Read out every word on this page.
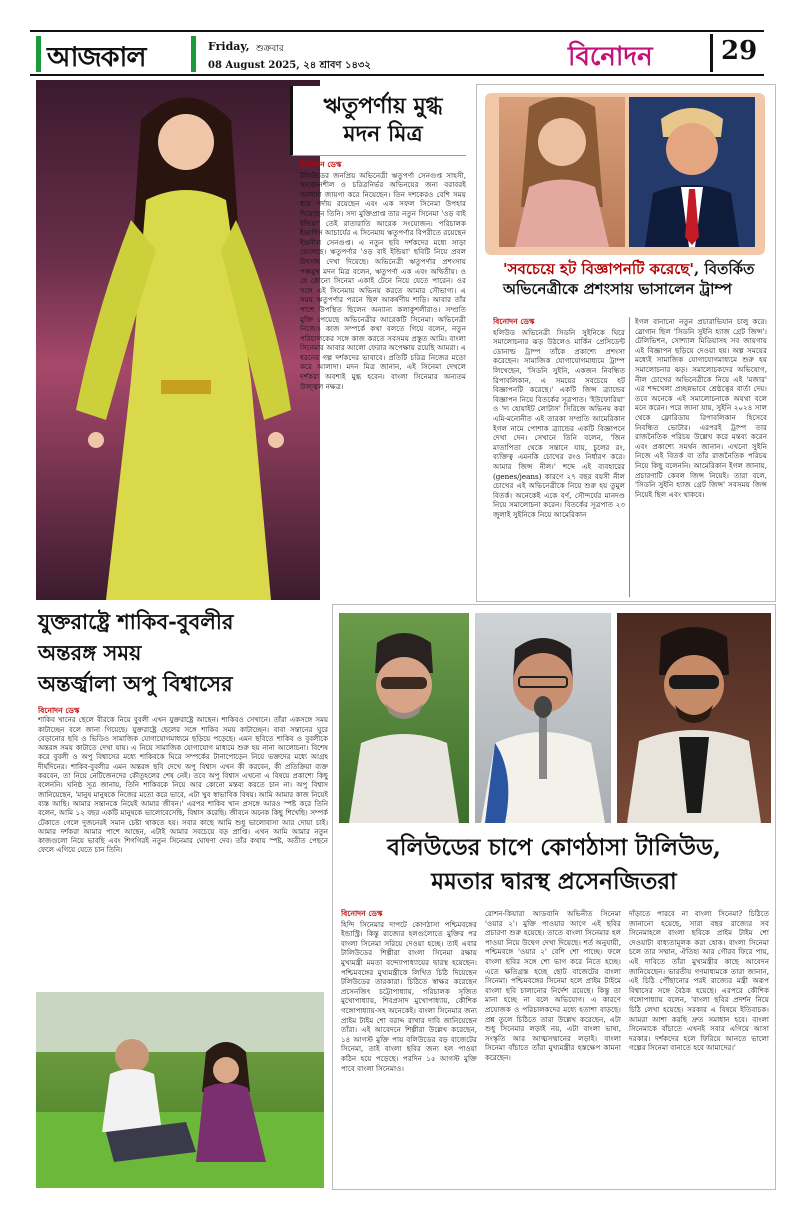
আজকাল	Friday, শুক্রবার
08 August 2025, ২৪ শ্রাবণ ১৪৩২	বিনোদন	29
ঋতুপর্ণায় মুগ্ধ মদন মিত্র
বিনোদন ডেস্ক
টলিউডের জনপ্রিয় অভিনেত্রী ঋতুপর্ণা সেনগুপ্ত সাহসী, সংবেদনশীল ও চরিত্রনির্ভর অভিনয়ের জন্য বরাবরই আলাদা জায়গা করে নিয়েছেন। তিন দশকেরও বেশি সময় ধরে পর্দায় রয়েছেন এবং এক সফল সিনেমা উপহার দিয়েছেন তিনি। সদ্য মুক্তিপ্রাপ্ত তার নতুন সিনেমা 'ওড় বাই ইন্ডিয়া' তেই রাতারাতি আরেক সংযোজন। পরিচালক ইন্দ্রাশিস আচার্যের এ সিনেমায় ঋতুপর্ণার বিপরীতে রয়েছেন ইন্দ্রনীল সেনগুপ্ত। এ নতুন ছবি দর্শকদের মধ্যে সাড়া ফেলেছে। ঋতুপর্ণার 'ওড় বাই ইন্ডিয়া' ছবিটি নিয়ে প্রবল উৎসাহ দেখা দিয়েছে। অভিনেত্রী ঋতুপর্ণার প্রশংসায় পঞ্চমুখ মদন মিত্র বলেন, ঋতুপর্ণা এক এবং অদ্বিতীয়। ও যে কোনো সিনেমা একাই টেনে নিয়ে যেতে পারেন। ওর সঙ্গে এই সিনেমায় অভিনয় করতে আমার সৌভাগ্য। এ সময় ঋতুপর্ণার পরনে ছিল আকর্ষণীয় শাড়ি। আবার তাঁর পাশে উপস্থিত ছিলেন অন্যান্য কলাকুশলীরাও। সম্প্রতি মুক্তি পেয়েছে অভিনেত্রীর আরেকটি সিনেমা। অভিনেত্রী নিজেও কাজ সম্পর্কে কথা বলতে গিয়ে বলেন, নতুন পরিচালকের সঙ্গে কাজ করতে সবসময় প্রস্তুত আমি। বাংলা সিনেমার আবার আলো ফেরার অপেক্ষায় রয়েছি আমরা। এ ধরনের গল্প দর্শকদের ভাবাবে। প্রতিটি চরিত্র নিজের মতো করে আলাদা। মদন মিত্র জানান, এই সিনেমা দেখলে দর্শকরা অবশ্যই মুগ্ধ হবেন। বাংলা সিনেমার অন্যতম উজ্জ্বল নক্ষত্র।
'সবচেয়ে হট বিজ্ঞাপনটি করেছে', বিতর্কিত অভিনেত্রীকে প্রশংসায় ভাসালেন ট্রাম্প
বিনোদন ডেস্ক
হলিউড অভিনেত্রী সিডনি সুইনিকে ঘিরে সমালোচনার ঝড় উঠলেও মার্কিন প্রেসিডেন্ট ডোনাল্ড ট্রাম্প তাঁকে প্রকাশ্যে প্রশংসা করেছেন। সামাজিক যোগাযোগমাধ্যমে ট্রাম্প লিখেছেন, 'সিডনি সুইনি, একজন নিবন্ধিত রিপাবলিকান, এ সময়ের সবচেয়ে হট বিজ্ঞাপনটি করেছে।' একটি জিন্স ব্র্যান্ডের বিজ্ঞাপন নিয়ে বিতর্কের সূত্রপাত। 'ইউফোরিয়া' ও 'দ্য হোয়াইট লোটাস' সিরিজে অভিনয় করা এমি-মনোনীত এই তারকা সম্প্রতি আমেরিকান ইগল নামে পোশাক ব্র্যান্ডের একটি বিজ্ঞাপনে দেখা দেন। সেখানে তিনি বলেন, 'জিন মাতাপিতা থেকে সন্তানে যায়, চুলের রং, ব্যক্তিত্ব এমনকি চোখের রংও নির্ধারণ করে। আমার জিন্স নীল।' শব্দে এই ব্যবহারের (genes/jeans) কারণে ২৭ বছর বয়সী নীল চোখের এই অভিনেত্রীকে নিয়ে শুরু হয় তুমুল বিতর্ক। অনেকেই একে বর্ণ, সৌন্দর্যের মানদণ্ড নিয়ে সমালোচনা করেন। বিতর্কের সূত্রপাত ২৩ জুলাই সুইনিকে নিয়ে আমেরিকান
ইগল বানানো নতুন প্রচারাভিযান চালু করে। স্লোগান ছিল 'সিডনি সুইনি হ্যাজ গ্রেট জিন্স'। টেলিভিশন, সোশ্যাল মিডিয়াসহ সব জায়গায় এই বিজ্ঞাপন ছড়িয়ে দেওয়া হয়। অল্প সময়ের মধ্যেই সামাজিক যোগাযোগমাধ্যমে শুরু হয় সমালোচনার ঝড়। সমালোচকদের অভিযোগ, নীল চোখের অভিনেত্রীকে নিয়ে এই 'মজার' এর শব্দখেলা প্রচ্ছন্নভাবে শ্রেষ্ঠত্বের বার্তা দেয়। তবে অনেকে এই সমালোচনাকে অযথা বলে মনে করেন। পরে জানা যায়, সুইনি ২০২৪ সাল থেকে ফ্লোরিডায় রিপাবলিকান হিসেবে নিবন্ধিত ভোটার। এরপরই ট্রাম্প তার রাজনৈতিক পরিচয় উল্লেখ করে মন্তব্য করেন এবং প্রকাশ্যে সমর্থন জানান। এখনো সুইনি নিজে এই বিতর্ক বা তাঁর রাজনৈতিক পরিচয় নিয়ে কিছু বলেননি। আমেরিকান ইগল জানায়, প্রচারণাটি কেবল জিন্স নিয়েই। তারা বলে, 'সিডনি সুইনি হ্যাজ গ্রেট জিন্স' সবসময় জিন্স নিয়েই ছিল এবং থাকবে।
যুক্তরাষ্ট্রে শাকিব-বুবলীর
অন্তরঙ্গ সময়
অন্তর্জ্বালা অপু বিশ্বাসের
বিনোদন ডেস্ক
শাকিব খানের ছেলে বীরকে নিয়ে বুবলী এখন যুক্তরাষ্ট্রে আছেন। শাকিবও সেখানে। তাঁরা একসঙ্গে সময় কাটাচ্ছেন বলে জানা গিয়েছে। যুক্তরাষ্ট্রে ছেলের সঙ্গে শাকিব সময় কাটাচ্ছেন। বাবা সন্তানের ঘুরে বেড়ানোর ছবি ও ভিডিও সামাজিক যোগাযোগমাধ্যমে ছড়িয়ে পড়েছে। এমন ছবিতে শাকিব ও বুবলীকে অন্তরঙ্গ সময় কাটাতে দেখা যায়। এ নিয়ে সামাজিক যোগাযোগ মাধ্যমে শুরু হয় নানা আলোচনা। বিশেষ করে বুবলী ও অপু বিশ্বাসের মধ্যে শাকিবকে ঘিরে সম্পর্কের টানাপোড়েন নিয়ে ভক্তদের মধ্যে আগ্রহ দীর্ঘদিনের। শাকিব-বুবলীর এমন অন্তরঙ্গ ছবি দেখে অপু বিশ্বাস এখন কী করবেন, কী প্রতিক্রিয়া ব্যক্ত করবেন, তা নিয়ে নেটিজেনদের কৌতূহলের শেষ নেই। তবে অপু বিশ্বাস এখনো এ বিষয়ে প্রকাশ্যে কিছু বলেননি। ঘনিষ্ঠ সূত্র জানায়, তিনি শাকিবকে নিয়ে আর কোনো মন্তব্য করতে চান না। অপু বিশ্বাস জানিয়েছেন, 'মানুষ মানুষকে নিজের মতো করে ভাবে, এটা খুব স্বাভাবিক বিষয়। আমি আমার কাজ নিয়েই ব্যস্ত আছি। আমার সন্তানকে নিয়েই আমার জীবন।' এরপর শাকিব খান প্রসঙ্গে আরও স্পষ্ট করে তিনি বলেন, আমি ১২ বছর একটি মানুষকে ভালোবেসেছি, বিশ্বাস করেছি। জীবনে অনেক কিছু শিখেছি। সম্পর্ক টেকাতে গেলে দুজনেরই সমান চেষ্টা থাকতে হয়। সবার কাছে আমি শুধু ভালোবাসা আর দোয়া চাই। আমার দর্শকরা আমার পাশে আছেন, এটাই আমার সবচেয়ে বড় প্রাপ্তি। এখন আমি আমার নতুন কাজগুলো নিয়ে ভাবছি এবং শিগগিরই নতুন সিনেমার ঘোষণা দেব। তাঁর কথায় স্পষ্ট, অতীত পেছনে ফেলে এগিয়ে যেতে চান তিনি।	বলিউডের চাপে কোণঠাসা টালিউড,
মমতার দ্বারস্থ প্রসেনজিতরা
বিনোদন ডেস্ক
হিন্দি সিনেমার দাপটে কোণঠাসা পশ্চিমবঙ্গের ইন্ডাস্ট্রি। কিন্তু রাজ্যের হলগুলোতে মুক্তির পর বাংলা সিনেমা সরিয়ে দেওয়া হচ্ছে। তাই এবার টালিউডের শিল্পীরা বাংলা সিনেমা রক্ষায় মুখ্যমন্ত্রী মমতা বন্দ্যোপাধ্যায়ের দ্বারস্থ হয়েছেন। পশ্চিমবঙ্গের মুখ্যমন্ত্রীকে লিখিত চিঠি দিয়েছেন টলিউডের তারকারা। চিঠিতে স্বাক্ষর করেছেন প্রসেনজিৎ চট্টোপাধ্যায়, পরিচালক সৃজিত মুখোপাধ্যায়, শিবপ্রসাদ মুখোপাধ্যায়, কৌশিক গঙ্গোপাধ্যায়-সহ অনেকেই। বাংলা সিনেমার জন্য প্রাইম টাইম শো বরাদ্দ রাখার দাবি জানিয়েছেন তাঁরা। এই আবেদনে শিল্পীরা উল্লেখ করেছেন, ১৪ আগস্ট মুক্তি পায় বলিউডের বড় বাজেটের সিনেমা, তাই বাংলা ছবির জন্য হল পাওয়া কঠিন হয়ে পড়েছে। পরদিন ১৫ আগস্ট মুক্তি পাবে বাংলা সিনেমাও।
রোশন-কিয়ারা আডবানি অভিনীত সিনেমা 'ওয়ার ২'। মুক্তি পাওয়ার আগে এই ছবির প্রচারণা শুরু হয়েছে। তাতে বাংলা সিনেমার হল পাওয়া নিয়ে উদ্বেগ দেখা দিয়েছে। শর্ত অনুযায়ী, পশ্চিমবঙ্গে 'ওয়ার ২' বেশি শো পাচ্ছে। ফলে বাংলা ছবির সঙ্গে শো ভাগ করে নিতে হচ্ছে। এতে ক্ষতিগ্রস্ত হচ্ছে ছোট বাজেটের বাংলা সিনেমা। পশ্চিমবঙ্গের সিনেমা হলে প্রাইম টাইমে বাংলা ছবি চালানোর নির্দেশ রয়েছে। কিন্তু তা মানা হচ্ছে না বলে অভিযোগ। এ কারণে প্রযোজক ও পরিচালকদের মধ্যে হতাশা বাড়ছে। প্রশ্ন তুলে চিঠিতে তারা উল্লেখ করেছেন, এটা শুধু সিনেমার লড়াই নয়, এটা বাংলা ভাষা, সংস্কৃতি আর আত্মসম্মানের লড়াই। বাংলা সিনেমা বাঁচাতে তাঁরা মুখ্যমন্ত্রীর হস্তক্ষেপ কামনা করেছেন।
দাঁড়াতে পারবে না বাংলা সিনেমা? চিঠিতে জানানো হয়েছে, সারা বছর রাজ্যের সব সিনেমাহলে বাংলা ছবিকে প্রাইম টাইম শো দেওয়াটা বাধ্যতামূলক করা হোক। বাংলা সিনেমা চলে তার সম্মান, ঐতিহ্য আর গৌরব ফিরে পায়, এই দাবিতে তাঁরা মুখ্যমন্ত্রীর কাছে আবেদন জানিয়েছেন। ভারতীয় গণমাধ্যমকে তারা জানান, এই চিঠি পৌঁছানোর পরই রাজ্যের মন্ত্রী অরূপ বিশ্বাসের সঙ্গে বৈঠক হয়েছে। এরপরে কৌশিক গঙ্গোপাধ্যায় বলেন, 'বাংলা ছবির প্রদর্শন নিয়ে চিঠি লেখা হয়েছে। সরকার এ বিষয়ে ইতিবাচক। আমরা আশা করছি দ্রুত সমাধান হবে। বাংলা সিনেমাকে বাঁচাতে এখনই সবার এগিয়ে আসা দরকার। দর্শকদের হলে ফিরিয়ে আনতে ভালো গল্পের সিনেমা বানাতে হবে আমাদের।'
